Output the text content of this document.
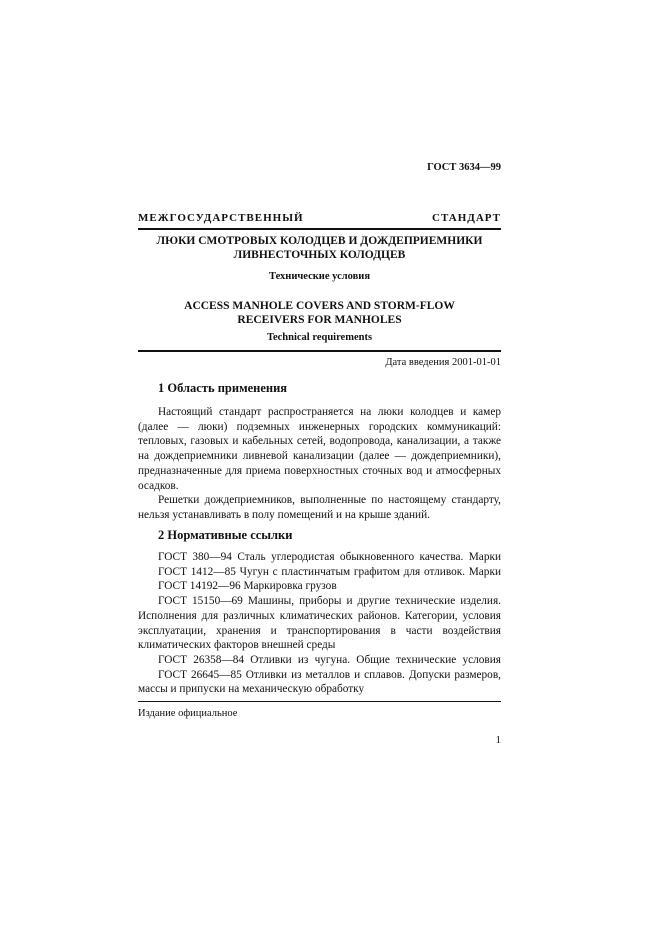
ГОСТ 3634—99
МЕЖГОСУДАРСТВЕННЫЙ СТАНДАРТ
ЛЮКИ СМОТРОВЫХ КОЛОДЦЕВ И ДОЖДЕПРИЕМНИКИ
ЛИВНЕСТОЧНЫХ КОЛОДЦЕВ
Технические условия
ACCESS MANHOLE COVERS AND STORM-FLOW
RECEIVERS FOR MANHOLES
Technical requirements
Дата введения 2001-01-01
1 Область применения

Настоящий стандарт распространяется на люки колодцев и камер (далее — люки) подземных инженерных городских коммуникаций: тепловых, газовых и кабельных сетей, водопровода, канализации, а также на дождеприемники ливневой канализации (далее — дождеприемники), предназначенные для приема поверхностных сточных вод и атмосферных осадков.

Решетки дождеприемников, выполненные по настоящему стандарту, нельзя устанавливать в полу помещений и на крыше зданий.

2 Нормативные ссылки

ГОСТ 380—94 Сталь углеродистая обыкновенного качества. Марки

ГОСТ 1412—85 Чугун с пластинчатым графитом для отливок. Марки

ГОСТ 14192—96 Маркировка грузов

ГОСТ 15150—69 Машины, приборы и другие технические изделия. Исполнения для различных климатических районов. Категории, условия эксплуатации, хранения и транспортирования в части воздействия климатических факторов внешней среды

ГОСТ 26358—84 Отливки из чугуна. Общие технические условия

ГОСТ 26645—85 Отливки из металлов и сплавов. Допуски размеров, массы и припуски на механическую обработку

Издание официальное
1
